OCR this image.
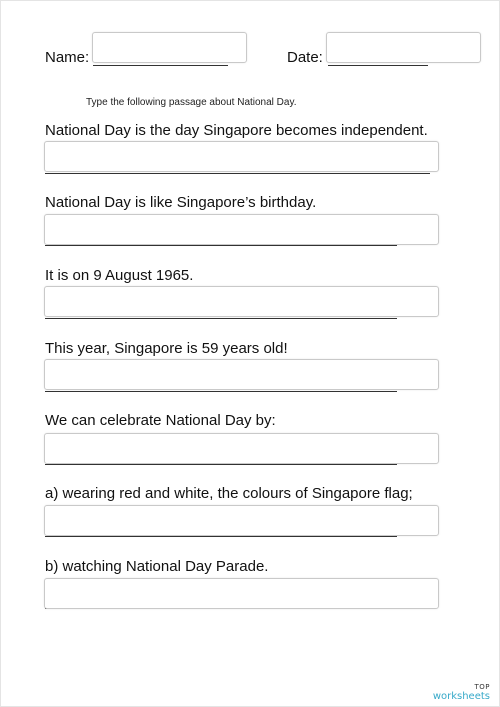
Name:	Date:
Type the following passage about National Day.
National Day is the day Singapore becomes independent.
National Day is like Singapore’s birthday.
It is on 9 August 1965.
This year, Singapore is 59 years old!
We can celebrate National Day by:
a) wearing red and white, the colours of Singapore flag;
b) watching National Day Parade.
TOP
worksheets
